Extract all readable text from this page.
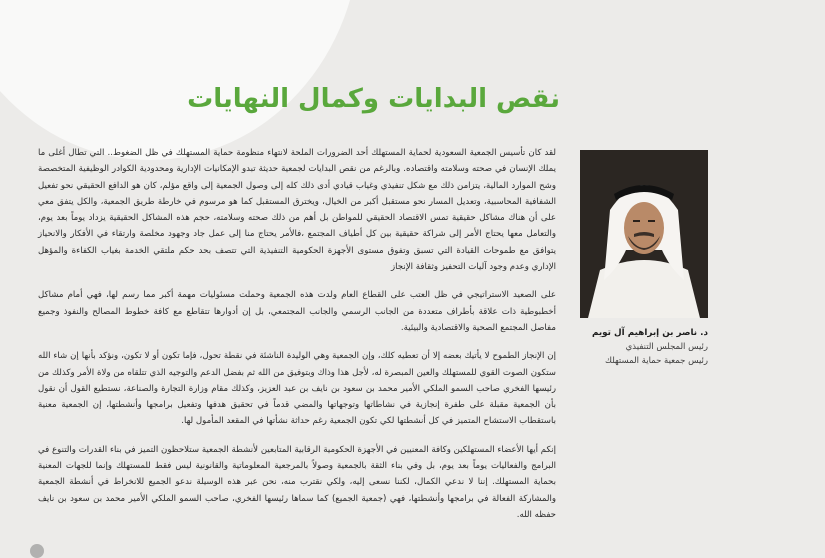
نقص البدايات وكمال النهايات

لقد كان تأسيس الجمعية السعودية لحماية المستهلك أحد الضرورات الملحة لانتهاء منظومة حماية المستهلك في ظل الضغوط.. التي تطال أغلى ما يملك الإنسان في صحته وسلامته واقتصاده. وبالرغم من نقص البدايات لجمعية حديثة تبدو الإمكانيات الإدارية ومحدودية الكوادر الوظيفية المتخصصة وشح الموارد المالية، يتزامن ذلك مع شكل تنفيذي وغياب قيادي أدى ذلك كله إلى وصول الجمعية إلى واقع مؤلم، كان هو الدافع الحقيقي نحو تفعيل الشفافية المحاسبية، وتعديل المسار نحو مستقبل أكبر من الخيال، ويخترق المستقبل كما هو مرسوم في خارطة طريق الجمعية، والكل يتفق معي على أن هناك مشاكل حقيقية تمس الاقتصاد الحقيقي للمواطن بل أهم من ذلك صحته وسلامته، حجم هذه المشاكل الحقيقية يزداد يوماً بعد يوم، والتعامل معها يحتاج الأمر إلى شراكة حقيقية بين كل أطياف المجتمع ،فالأمر يحتاج منا إلى عمل جاد وجهود مخلصة وارتقاء في الأفكار والانحياز يتوافق مع طموحات القيادة التي تسبق وتفوق مستوى الأجهزة الحكومية التنفيذية التي تتصف بحد حكم ملتقي الخدمة بغياب الكفاءة والمؤهل الإداري وعدم وجود آليات التحفيز وثقافة الإنجاز

على الصعيد الاستراتيجي في ظل العتب على القطاع العام ولدت هذه الجمعية وحملت مسئوليات مهمة أكبر مما رسم لها، فهي أمام مشاكل أخطبوطية ذات علاقة بأطراف متعددة من الجانب الرسمي والجانب المجتمعي، بل إن أدوارها تتقاطع مع كافة خطوط المصالح والنفوذ وجميع مفاصل المجتمع الصحية والاقتصادية والبيئية.

إن الإنجاز الطموح لا يأتيك بعضه إلا أن تعطيه كلك، وإن الجمعية وهي الوليدة الناشئة في نقطة تحول، فإما تكون أو لا تكون، ونؤكد بأنها إن شاء الله ستكون الصوت القوي للمستهلك والعين المبصرة له، لأجل هذا وذاك وبتوفيق من الله ثم بفضل الدعم والتوجيه الذي تتلقاه من ولاة الأمر وكذلك من رئيسها الفخري صاحب السمو الملكي الأمير محمد بن سعود بن نايف بن عبد العزيز، وكذلك مقام وزارة التجارة والصناعة، نستطيع القول أن نقول بأن الجمعية مقبلة على طفرة إنجازية في نشاطاتها وتوجهاتها والمضي قدماً في تحقيق هدفها وتفعيل برامجها وأنشطتها، إن الجمعية معنية باستقطاب الاستشاح المتميز في كل أنشطتها لكي تكون الجمعية رغم حداثة نشأتها في المقعد المأمول لها.

إنكم أيها الأعضاء المستهلكين وكافة المعنيين في الأجهزة الحكومية الرقابية المتابعين لأنشطة الجمعية ستلاحظون التميز في بناء القدرات والتنوع في البرامج والفعاليات يوماً بعد يوم، بل وفي بناء الثقة بالجمعية وصولاً بالمرجعية المعلوماتية والقانونية ليس فقط للمستهلك وإنما للجهات المعنية بحماية المستهلك. إننا لا ندعي الكمال، لكننا نسعى إليه، ولكي نقترب منه، نحن عبر هذه الوسيلة ندعو الجميع للانخراط في أنشطة الجمعية والمشاركة الفعالة في برامجها وأنشطتها، فهي (جمعية الجميع) كما سماها رئيسها الفخري، صاحب السمو الملكي الأمير محمد بن سعود بن نايف حفظه الله.

د. ناصر بن إبراهيم آل تويم
رئيس المجلس التنفيذي
رئيس جمعية حماية المستهلك
